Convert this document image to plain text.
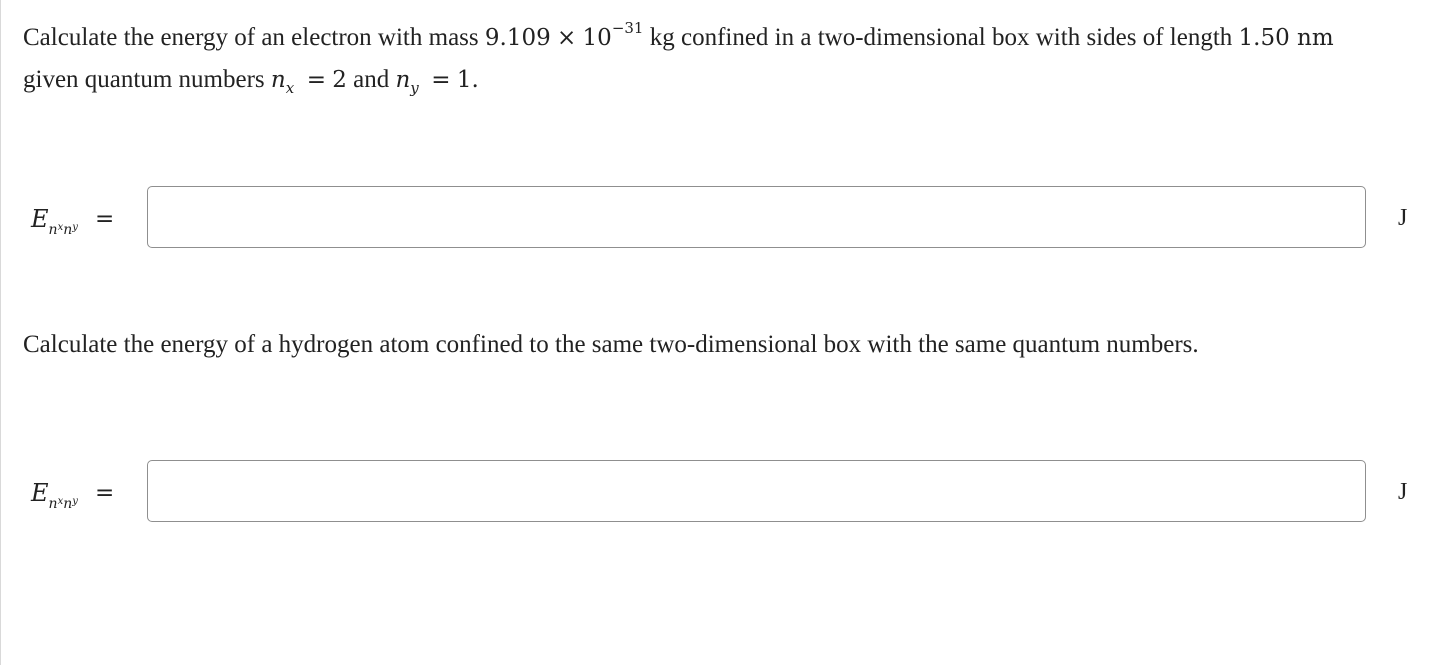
Calculate the energy of an electron with mass $9.109 \times 10^{-31}$ kg confined in a two-dimensional box with sides of length 1.50 nm
given quantum numbers $n_x = 2$ and $n_y = 1$.
$E_nx_ny$ =	J
Calculate the energy of a hydrogen atom confined to the same two-dimensional box with the same quantum numbers.
$E_nx_ny$ =	J
